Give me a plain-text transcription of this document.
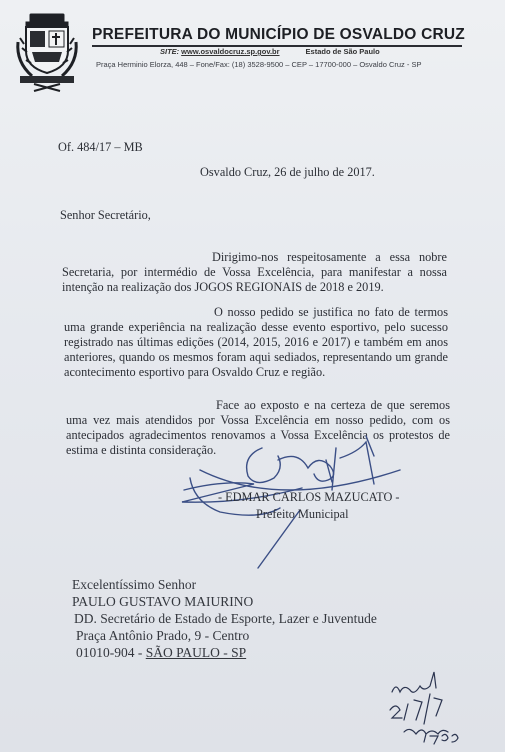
PREFEITURA DO MUNICÍPIO DE OSVALDO CRUZ
SITE: www.osvaldocruz.sp.gov.br	Estado de São Paulo
Praça Herminio Elorza, 448 – Fone/Fax: (18) 3528-9500 – CEP – 17700-000 – Osvaldo Cruz - SP
Of. 484/17 – MB
Osvaldo Cruz, 26 de julho de 2017.
Senhor Secretário,
Dirigimo-nos respeitosamente a essa nobre Secretaria, por intermédio de Vossa Excelência, para manifestar a nossa intenção na realização dos JOGOS REGIONAIS de 2018 e 2019.
O nosso pedido se justifica no fato de termos uma grande experiência na realização desse evento esportivo, pelo sucesso registrado nas últimas edições (2014, 2015, 2016 e 2017) e também em anos anteriores, quando os mesmos foram aqui sediados, representando um grande acontecimento esportivo para Osvaldo Cruz e região.
Face ao exposto e na certeza de que seremos uma vez mais atendidos por Vossa Excelência em nosso pedido, com os antecipados agradecimentos renovamos a Vossa Excelência os protestos de estima e distinta consideração.
- EDMAR CARLOS MAZUCATO -
Prefeito Municipal
Excelentíssimo Senhor
PAULO GUSTAVO MAIURINO
DD. Secretário de Estado de Esporte, Lazer e Juventude
Praça Antônio Prado, 9 - Centro
01010-904 - SÃO PAULO - SP
